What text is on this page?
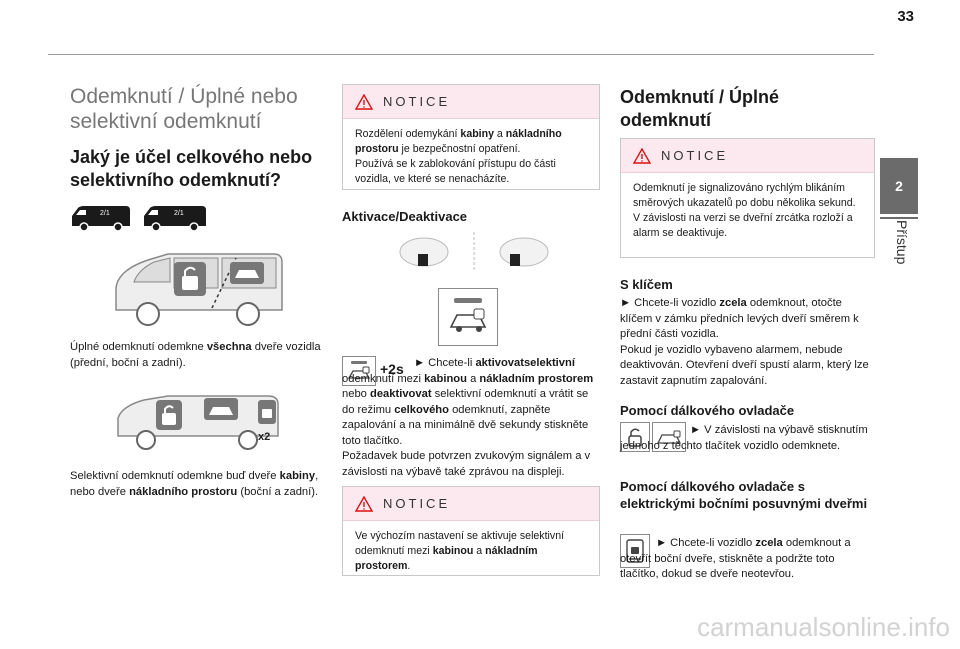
33
2
Přístup
Odemknutí / Úplné nebo selektivní odemknutí
Jaký je účel celkového nebo selektivního odemknutí?
2/1	2/1

Úplné odemknutí odemkne všechna dveře vozidla (přední, boční a zadní).

x2

Selektivní odemknutí odemkne buď dveře kabiny, nebo dveře nákladního prostoru (boční a zadní).

NOTICE
Rozdělení odemykání kabiny a nákladního prostoru je bezpečnostní opatření.
Používá se k zablokování přístupu do části vozidla, ve které se nenacházíte.
Aktivace/Deaktivace
+2s ► Chcete-li aktivovatselektivní odemknutí mezi kabinou a nákladním prostorem nebo deaktivovat selektivní odemknutí a vrátit se do režimu celkového odemknutí, zapněte zapalování a na minimálně dvě sekundy stiskněte toto tlačítko.

Požadavek bude potvrzen zvukovým signálem a v závislosti na výbavě také zprávou na displeji.

NOTICE
Ve výchozím nastavení se aktivuje selektivní odemknutí mezi kabinou a nákladním prostorem.
Odemknutí / Úplné odemknutí
NOTICE
Odemknutí je signalizováno rychlým blikáním směrových ukazatelů po dobu několika sekund.
V závislosti na verzi se dveřní zrcátka rozloží a alarm se deaktivuje.
S klíčem

► Chcete-li vozidlo zcela odemknout, otočte klíčem v zámku předních levých dveří směrem k přední části vozidla.
Pokud je vozidlo vybaveno alarmem, nebude deaktivován. Otevření dveří spustí alarm, který lze zastavit zapnutím zapalování.

Pomocí dálkového ovladače

► V závislosti na výbavě stisknutím jednoho z těchto tlačítek vozidlo odemknete.

Pomocí dálkového ovladače s elektrickými bočními posuvnými dveřmi

► Chcete-li vozidlo zcela odemknout a otevřít boční dveře, stiskněte a podržte toto tlačítko, dokud se dveře neotevřou.

carmanualsonline.info
